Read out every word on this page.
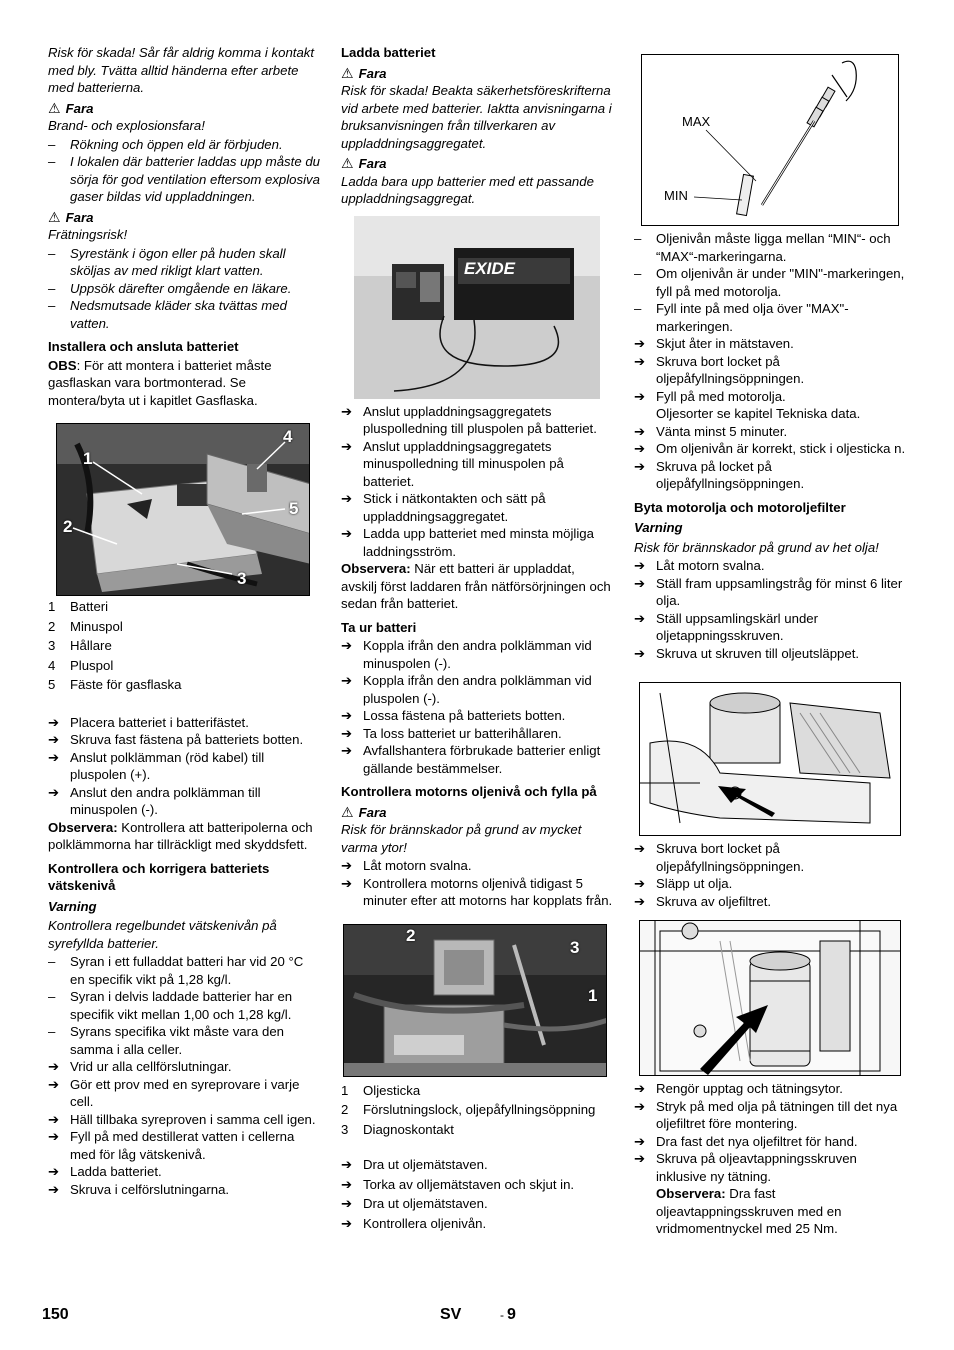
Risk för skada! Sår får aldrig komma i kontakt med bly. Tvätta alltid händerna efter arbete med batterierna.
⚠ Fara
Brand- och explosionsfara!
–	Rökning och öppen eld är förbjuden.
–	I lokalen där batterier laddas upp måste du sörja för god ventilation eftersom explosiva gaser bildas vid uppladdningen.
⚠ Fara
Frätningsrisk!
–	Syrestänk i ögon eller på huden skall sköljas av med rikligt klart vatten.
–	Uppsök därefter omgående en läkare.
–	Nedsmutsade kläder ska tvättas med vatten.
Installera och ansluta batteriet
OBS: För att montera i batteriet måste gasflaskan vara bortmonterad. Se montera/byta ut i kapitlet Gasflaska.
1
2
3
4
5
1	Batteri
2	Minuspol
3	Hållare
4	Pluspol
5	Fäste för gasflaska
➔ Placera batteriet i batterifästet.
➔ Skruva fast fästena på batteriets botten.
➔ Anslut polklämman (röd kabel) till pluspolen (+).
➔ Anslut den andra polklämman till minuspolen (-).
Observera: Kontrollera att batteripolerna och polklämmorna har tillräckligt med skyddsfett.
Kontrollera och korrigera batteriets vätskenivå
Varning
Kontrollera regelbundet vätskenivån på syrefyllda batterier.
–	Syran i ett fulladdat batteri har vid 20 °C en specifik vikt på 1,28 kg/l.
–	Syran i delvis laddade batterier har en specifik vikt mellan 1,00 och 1,28 kg/l.
–	Syrans specifika vikt måste vara den samma i alla celler.
➔ Vrid ur alla cellförslutningar.
➔ Gör ett prov med en syreprovare i varje cell.
➔ Häll tillbaka syreproven i samma cell igen.
➔ Fyll på med destillerat vatten i cellerna med för låg vätskenivå.
➔ Ladda batteriet.
➔ Skruva i celförslutningarna.
Ladda batteriet
⚠ Fara
Risk för skada! Beakta säkerhetsföreskrifterna vid arbete med batterier. Iaktta anvisningarna i bruksanvisningen från tillverkaren av uppladdningsaggregatet.
⚠ Fara
Ladda bara upp batterier med ett passande uppladdningsaggregat.
EXIDE
➔ Anslut uppladdningsaggregatets pluspolledning till pluspolen på batteriet.
➔ Anslut uppladdningsaggregatets minuspolledning till minuspolen på batteriet.
➔ Stick i nätkontakten och sätt på uppladdningsaggregatet.
➔ Ladda upp batteriet med minsta möjliga laddningsström.
Observera: När ett batteri är uppladdat, avskilj först laddaren från nätförsörjningen och sedan från batteriet.
Ta ur batteri
➔ Koppla ifrån den andra polklämman vid minuspolen (-).
➔ Koppla ifrån den andra polklämman vid pluspolen (-).
➔ Lossa fästena på batteriets botten.
➔ Ta loss batteriet ur batterihållaren.
➔ Avfallshantera förbrukade batterier enligt gällande bestämmelser.
Kontrollera motorns oljenivå och fylla på
⚠ Fara
Risk för brännskador på grund av mycket varma ytor!
➔ Låt motorn svalna.
➔ Kontrollera motorns oljenivå tidigast 5 minuter efter att motorns har kopplats från.
2
3
1
1	Oljesticka
2	Förslutningslock, oljepåfyllningsöppning
3	Diagnoskontakt
➔ Dra ut oljemätstaven.
➔ Torka av olljemätstaven och skjut in.
➔ Dra ut oljemätstaven.
➔ Kontrollera oljenivån.
MAX
MIN
–	Oljenivån måste ligga mellan “MIN“- och “MAX“-markeringarna.
–	Om oljenivån är under "MIN"-markeringen, fyll på med motorolja.
–	Fyll inte på med olja över "MAX"-markeringen.
➔ Skjut åter in mätstaven.
➔ Skruva bort locket på oljepåfyllningsöppningen.
➔ Fyll på med motorolja.
Oljesorter se kapitel Tekniska data.
➔ Vänta minst 5 minuter.
➔ Om oljenivån är korrekt, stick i oljesticka n.
➔ Skruva på locket på oljepåfyllningsöppningen.
Byta motorolja och motoroljefilter
Varning
Risk för brännskador på grund av het olja!
➔ Låt motorn svalna.
➔ Ställ fram uppsamlingstråg för minst 6 liter olja.
➔ Ställ uppsamlingskärl under oljetappningsskruven.
➔ Skruva ut skruven till oljeutsläppet.
➔ Skruva bort locket på oljepåfyllningsöppningen.
➔ Släpp ut olja.
➔ Skruva av oljefiltret.
➔ Rengör upptag och tätningsytor.
➔ Stryk på med olja på tätningen till det nya oljefiltret före montering.
➔ Dra fast det nya oljefiltret för hand.
➔ Skruva på oljeavtappningsskruven inklusive ny tätning.
Observera: Dra fast oljeavtappningsskruven med en vridmomentnyckel med 25 Nm.
150	SV	- 9
